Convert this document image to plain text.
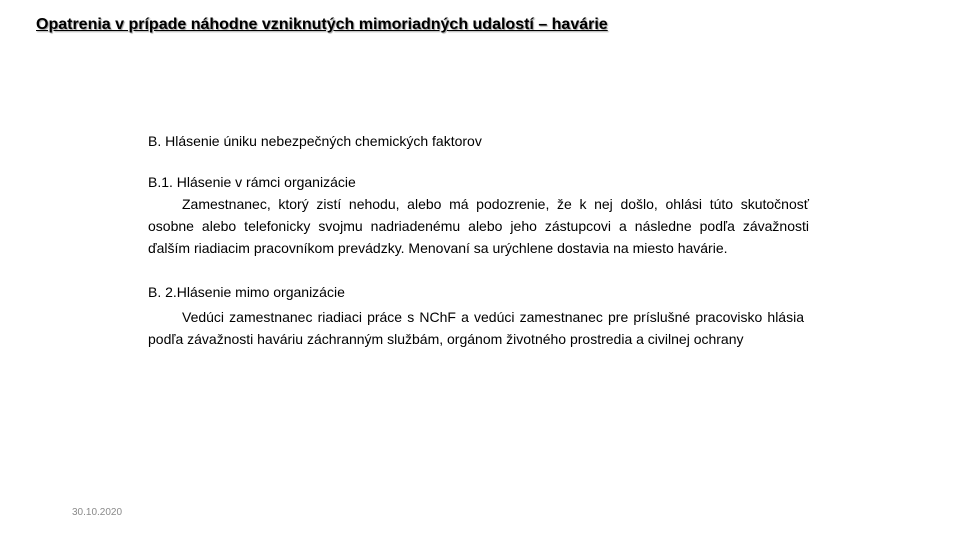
Opatrenia v prípade náhodne vzniknutých mimoriadných udalostí – havárie

B. Hlásenie úniku nebezpečných chemických faktorov

B.1. Hlásenie v rámci organizácie

Zamestnanec, ktorý zistí nehodu, alebo má podozrenie, že k nej došlo, ohlási túto skutočnosť osobne alebo telefonicky svojmu nadriadenému alebo jeho zástupcovi a následne podľa závažnosti ďalším riadiacim pracovníkom prevádzky. Menovaní sa urýchlene dostavia na miesto havárie.

B. 2.Hlásenie mimo organizácie

Vedúci zamestnanec riadiaci práce s NChF a vedúci zamestnanec pre príslušné pracovisko hlásia podľa závažnosti haváriu záchranným službám, orgánom životného prostredia a civilnej ochrany

30.10.2020
